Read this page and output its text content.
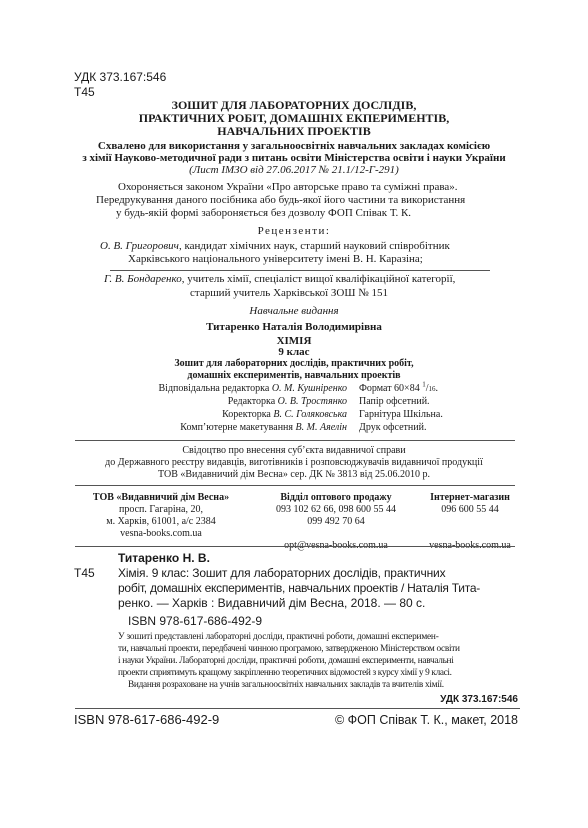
УДК 373.167:546
Т45
ЗОШИТ ДЛЯ ЛАБОРАТОРНИХ ДОСЛІДІВ,
ПРАКТИЧНИХ РОБІТ, ДОМАШНІХ ЕКПЕРИМЕНТІВ,
НАВЧАЛЬНИХ ПРОЕКТІВ
Схвалено для використання у загальноосвітніх навчальних закладах комісією
з хімії Науково-методичної ради з питань освіти Міністерства освіти і науки України
(Лист ІМЗО від 27.06.2017 № 21.1/12-Г-291)
Охороняється законом України «Про авторське право та суміжні права».
Передрукування даного посібника або будь-якої його частини та використання
у будь-якій формі забороняється без дозволу ФОП Співак Т. К.
Рецензенти:
О. В. Григорович, кандидат хімічних наук, старший науковий співробітник
Харківського національного університету імені В. Н. Каразіна;
Г. В. Бондаренко, учитель хімії, спеціаліст вищої кваліфікаційної категорії,
старший учитель Харківської ЗОШ № 151
Навчальне видання
Титаренко Наталія Володимирівна
ХІМІЯ
9 клас
Зошит для лабораторних дослідів, практичних робіт,
домашніх експериментів, навчальних проектів
Відповідальна редакторка О. М. Кушніренко
Редакторка О. В. Тростянко
Коректорка В. С. Голяковська
Комп’ютерне макетування В. М. Аяелін
Формат 60×84 $^1$/16.
Папір офсетний.
Гарнітура Шкільна.
Друк офсетний.
Свідоцтво про внесення суб’єкта видавничої справи
до Державного реєстру видавців, виготівників і розповсюджувачів видавничої продукції
ТОВ «Видавничий дім Весна» сер. ДК № 3813 від 25.06.2010 р.
ТОВ «Видавничий дім Весна»
просп. Гагаріна, 20,
м. Харків, 61001, а/с 2384
vesna-books.com.ua
Відділ оптового продажу
093 102 62 66, 098 600 55 44
099 492 70 64
opt@vesna-books.com.ua
Інтернет-магазин
096 600 55 44
vesna-books.com.ua
Титаренко Н. В.
Т45 Хімія. 9 клас: Зошит для лабораторних дослідів, практичних
робіт, домашніх експериментів, навчальних проектів / Наталія Тита-
ренко. — Харків : Видавничий дім Весна, 2018. — 80 с.
ISBN 978-617-686-492-9
У зошиті представлені лабораторні досліди, практичні роботи, домашні експеримен-
ти, навчальні проекти, передбачені чинною програмою, затвердженою Міністерством освіти
і науки України. Лабораторні досліди, практичні роботи, домашні експерименти, навчальні
проекти сприятимуть кращому закріпленню теоретичних відомостей з курсу хімії у 9 класі.
Видання розраховане на учнів загальноосвітніх навчальних закладів та вчителів хімії.
УДК 373.167:546
ISBN 978-617-686-492-9	© ФОП Співак Т. К., макет, 2018
